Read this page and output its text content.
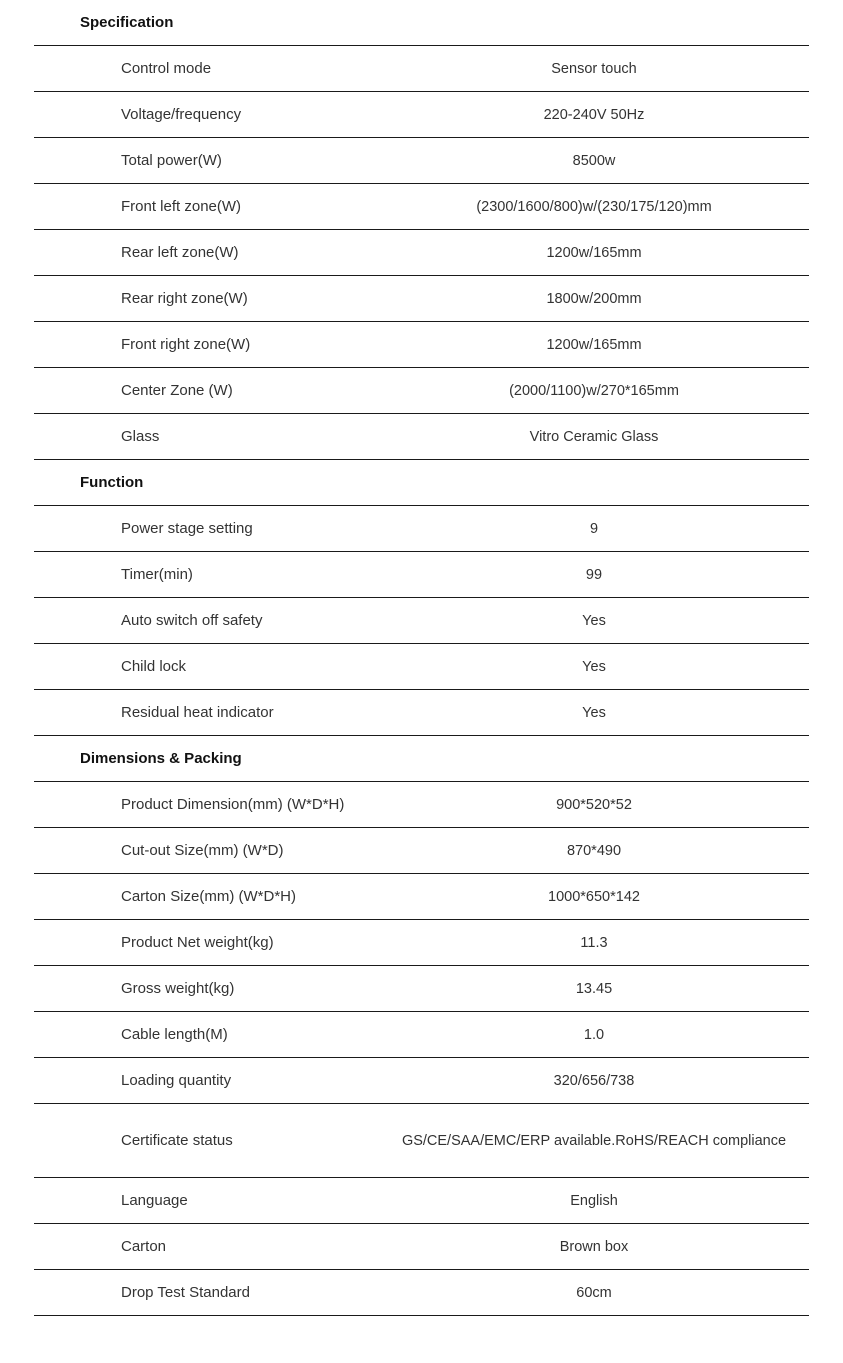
Specification
Control mode	Sensor touch
Voltage/frequency	220-240V 50Hz
Total power(W)	8500w
Front left zone(W)	(2300/1600/800)w/(230/175/120)mm
Rear left zone(W)	1200w/165mm
Rear right zone(W)	1800w/200mm
Front right zone(W)	1200w/165mm
Center Zone (W)	(2000/1100)w/270*165mm
Glass	Vitro Ceramic Glass
Function
Power stage setting	9
Timer(min)	99
Auto switch off safety	Yes
Child lock	Yes
Residual heat indicator	Yes
Dimensions & Packing
Product Dimension(mm) (W*D*H)	900*520*52
Cut-out Size(mm) (W*D)	870*490
Carton Size(mm) (W*D*H)	1000*650*142
Product Net weight(kg)	11.3
Gross weight(kg)	13.45
Cable length(M)	1.0
Loading quantity	320/656/738
Certificate status	GS/CE/SAA/EMC/ERP available.RoHS/REACH compliance
Language	English
Carton	Brown box
Drop Test Standard	60cm
